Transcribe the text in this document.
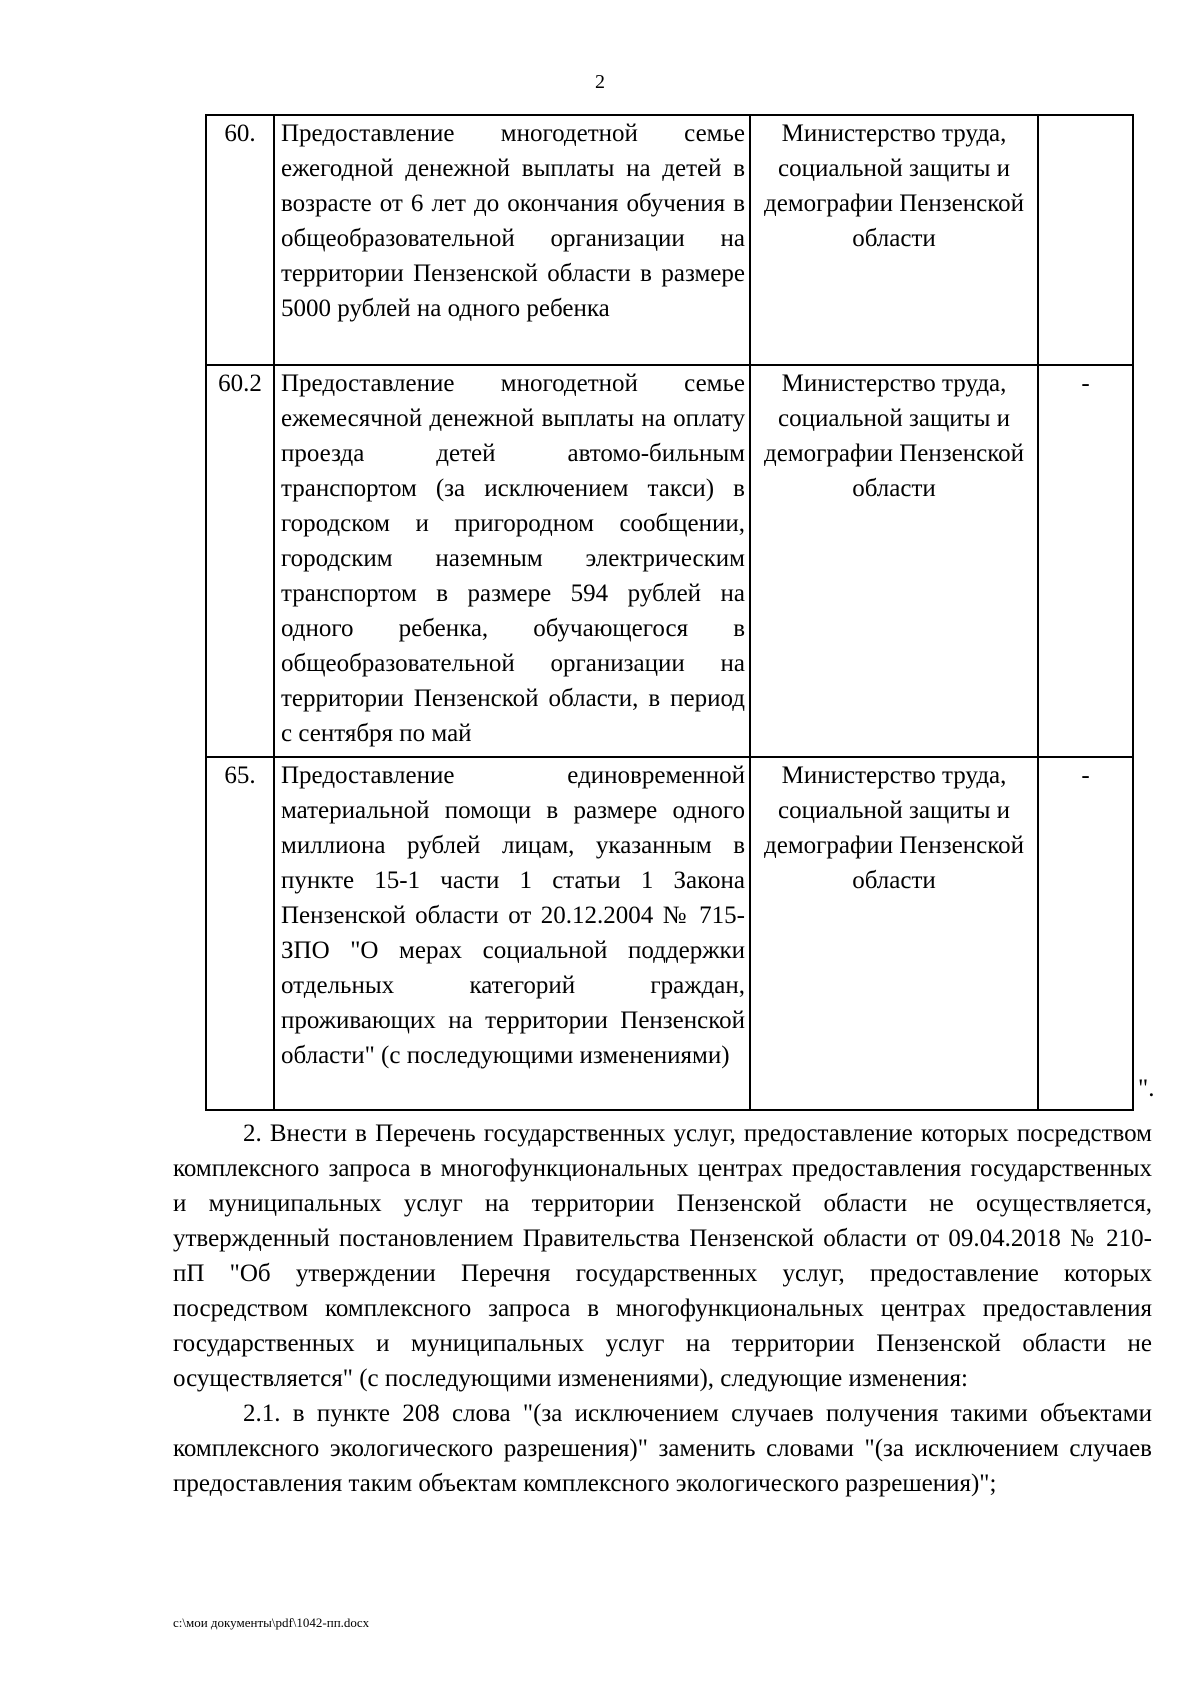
2
60.	Предоставление многодетной семье ежегодной денежной выплаты на детей в возрасте от 6 лет до окончания обучения в общеобразовательной организации на территории Пензенской области в размере 5000 рублей на одного ребенка	Министерство труда, социальной защиты и демографии Пензенской области	
60.2	Предоставление многодетной семье ежемесячной денежной выплаты на оплату проезда детей автомо-бильным транспортом (за исключением такси) в городском и пригородном сообщении, городским наземным электрическим транспортом в размере 594 рублей на одного ребенка, обучающегося в общеобразовательной организации на территории Пензенской области, в период с сентября по май	Министерство труда, социальной защиты и демографии Пензенской области	-
65.	Предоставление единовременной материальной помощи в размере одного миллиона рублей лицам, указанным в пункте 15-1 части 1 статьи 1 Закона Пензенской области от 20.12.2004 № 715-ЗПО "О мерах социальной поддержки отдельных категорий граждан, проживающих на территории Пензенской области" (с последующими изменениями)	Министерство труда, социальной защиты и демографии Пензенской области	-
".

2. Внести в Перечень государственных услуг, предоставление которых посредством комплексного запроса в многофункциональных центрах предоставления государственных и муниципальных услуг на территории Пензенской области не осуществляется, утвержденный постановлением Правительства Пензенской области от 09.04.2018 № 210-пП "Об утверждении Перечня государственных услуг, предоставление которых посредством комплексного запроса в многофункциональных центрах предоставления государственных и муниципальных услуг на территории Пензенской области не осуществляется" (с последующими изменениями), следующие изменения:

2.1. в пункте 208 слова "(за исключением случаев получения такими объектами комплексного экологического разрешения)" заменить словами "(за исключением случаев предоставления таким объектам комплексного экологического разрешения)";

c:\мои документы\pdf\1042-пп.docx
